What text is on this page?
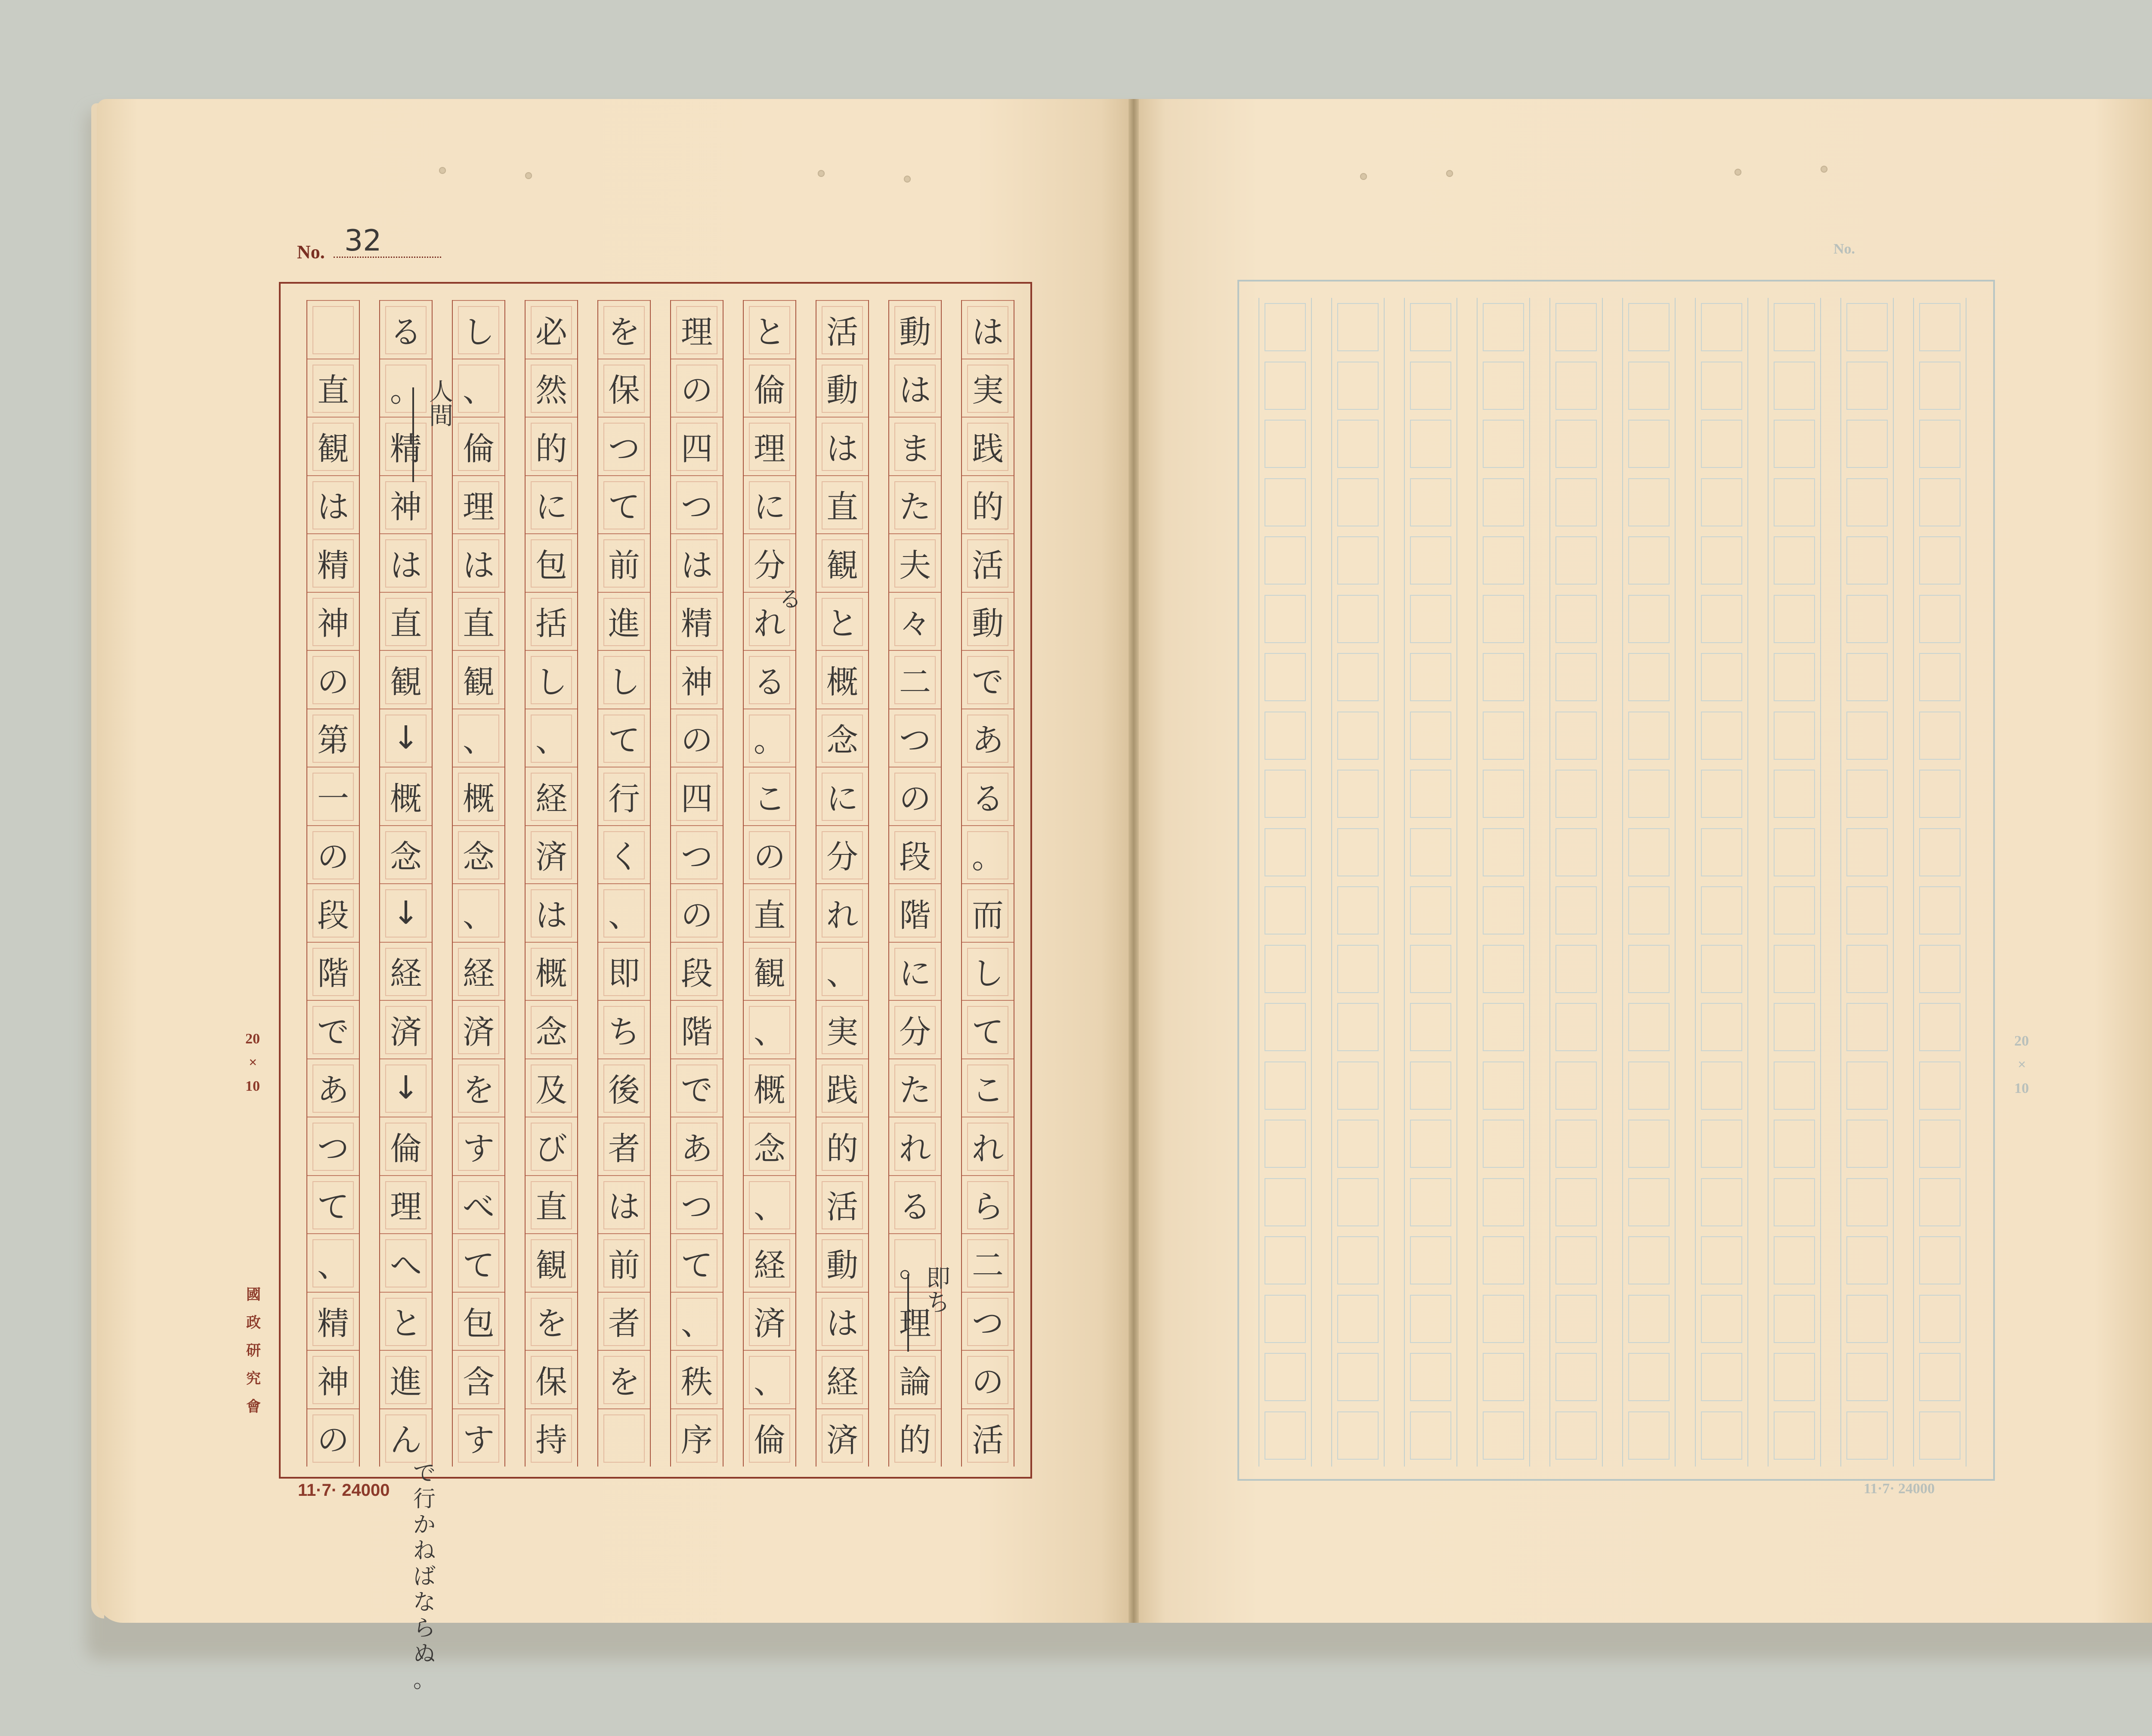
No. 32
は
実
践
的
活
動
で
あ
る
。
而
し
て
こ
れ
ら
二
つ
の
活
動
は
ま
た
夫
々
二
つ
の
段
階
に
分
た
れ
る
。
理
論
的
活
動
は
直
観
と
概
念
に
分
れ
、
実
践
的
活
動
は
経
済
と
倫
理
に
分
れ
る
。
こ
の
直
観
、
概
念
、
経
済
、
倫
理
の
四
つ
は
精
神
の
四
つ
の
段
階
で
あ
つ
て
、
秩
序
を
保
つ
て
前
進
し
て
行
く
、
即
ち
後
者
は
前
者
を
必
然
的
に
包
括
し
、
経
済
は
概
念
及
び
直
観
を
保
持
し
、
倫
理
は
直
観
、
概
念
、
経
済
を
す
べ
て
包
含
す
る
。
精
神
は
直
観
↓
概
念
↓
経
済
↓
倫
理
へ
と
進
ん
直
観
は
精
神
の
第
一
の
段
階
で
あ
つ
て
、
精
神
の
20
×
10
國
政
研
究
會
11·7· 24000
即ち
人間
る
で
行
か
ね
ば
な
ら
ぬ
。
No.
20
×
10
11·7· 24000
